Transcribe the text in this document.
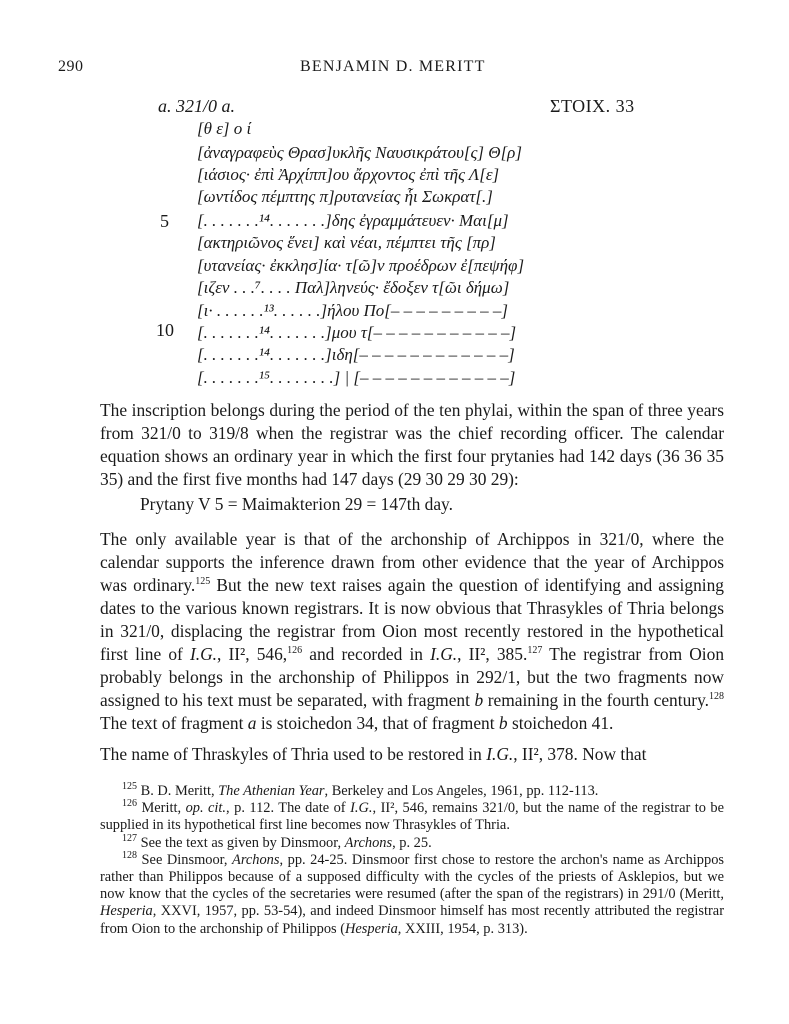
290	BENJAMIN D. MERITT
a. 321/0 a.	ΣΤΟΙΧ. 33
5
10
[θ ε] ο ί
[ἀναγραφεὺς Θρασ]υκλῆς Ναυσικράτου[ς] Θ[ρ]
[ιάσιος· ἐπὶ Ἀρχίππ]ου ἄρχοντος ἐπὶ τῆς Λ[ε]
[ωντίδος πέμπτης π]ρυτανείας ἧι Σωκρατ[.]
[. . . . . . .¹⁴. . . . . . .]δης ἐγραμμάτευεν· Μαι[μ]
[ακτηριῶνος ἕνει] καὶ νέαι, πέμπτει τῆς [πρ]
[υτανείας· ἐκκλησ]ία· τ[ῶ]ν προέδρων ἐ[πεψήφ]
[ιζεν . . .⁷. . . . Παλ]ληνεύς· ἔδοξεν τ[ῶι δήμω]
[ι· . . . . . .¹³. . . . . .]ήλου Πο[– – – – – – – – –]
[. . . . . . .¹⁴. . . . . . .]μου τ[– – – – – – – – – – –]
[. . . . . . .¹⁴. . . . . . .]ιδη[– – – – – – – – – – – –]
[. . . . . . .¹⁵. . . . . . . .] | [– – – – – – – – – – – –]

The inscription belongs during the period of the ten phylai, within the span of three years from 321/0 to 319/8 when the registrar was the chief recording officer. The calendar equation shows an ordinary year in which the first four prytanies had 142 days (36 36 35 35) and the first five months had 147 days (29 30 29 30 29):

Prytany V 5 = Maimakterion 29 = 147th day.

The only available year is that of the archonship of Archippos in 321/0, where the calendar supports the inference drawn from other evidence that the year of Archippos was ordinary.$^{125}$ But the new text raises again the question of identifying and assigning dates to the various known registrars. It is now obvious that Thrasykles of Thria belongs in 321/0, displacing the registrar from Oion most recently restored in the hypothetical first line of I.G., II², 546,$^{126}$ and recorded in I.G., II², 385.$^{127}$ The registrar from Oion probably belongs in the archonship of Philippos in 292/1, but the two fragments now assigned to his text must be separated, with fragment b remaining in the fourth century.$^{128}$ The text of fragment a is stoichedon 34, that of fragment b stoichedon 41.

The name of Thraskyles of Thria used to be restored in I.G., II², 378. Now that

$^{125}$ B. D. Meritt, The Athenian Year, Berkeley and Los Angeles, 1961, pp. 112-113.

$^{126}$ Meritt, op. cit., p. 112. The date of I.G., II², 546, remains 321/0, but the name of the registrar to be supplied in its hypothetical first line becomes now Thrasykles of Thria.

$^{127}$ See the text as given by Dinsmoor, Archons, p. 25.

$^{128}$ See Dinsmoor, Archons, pp. 24-25. Dinsmoor first chose to restore the archon's name as Archippos rather than Philippos because of a supposed difficulty with the cycles of the priests of Asklepios, but we now know that the cycles of the secretaries were resumed (after the span of the registrars) in 291/0 (Meritt, Hesperia, XXVI, 1957, pp. 53-54), and indeed Dinsmoor himself has most recently attributed the registrar from Oion to the archonship of Philippos (Hesperia, XXIII, 1954, p. 313).
